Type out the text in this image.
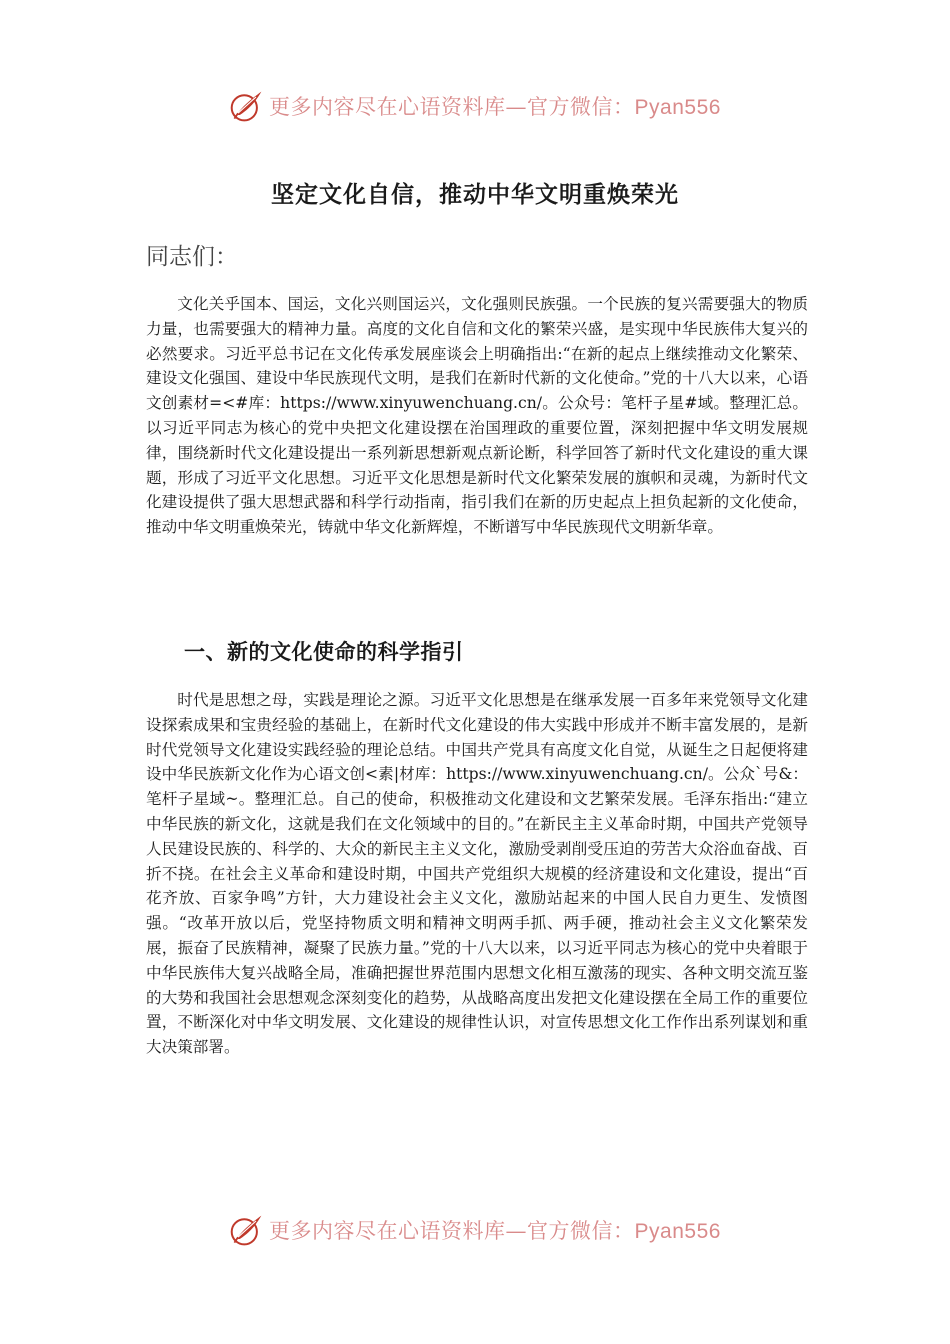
更多内容尽在心语资料库—官方微信：Pyan556
坚定文化自信，推动中华文明重焕荣光

同志们：

文化关乎国本、国运，文化兴则国运兴，文化强则民族强。一个民族的复兴需要强大的物质力量，也需要强大的精神力量。高度的文化自信和文化的繁荣兴盛，是实现中华民族伟大复兴的必然要求。习近平总书记在文化传承发展座谈会上明确指出:“在新的起点上继续推动文化繁荣、建设文化强国、建设中华民族现代文明，是我们在新时代新的文化使命。”党的十八大以来，心语文创素材=<#库：https://www.xinyuwenchuang.cn/。公众号：笔杆子星#域。整理汇总。以习近平同志为核心的党中央把文化建设摆在治国理政的重要位置，深刻把握中华文明发展规律，围绕新时代文化建设提出一系列新思想新观点新论断，科学回答了新时代文化建设的重大课题，形成了习近平文化思想。习近平文化思想是新时代文化繁荣发展的旗帜和灵魂，为新时代文化建设提供了强大思想武器和科学行动指南，指引我们在新的历史起点上担负起新的文化使命，推动中华文明重焕荣光，铸就中华文化新辉煌，不断谱写中华民族现代文明新华章。

一、新的文化使命的科学指引

时代是思想之母，实践是理论之源。习近平文化思想是在继承发展一百多年来党领导文化建设探索成果和宝贵经验的基础上，在新时代文化建设的伟大实践中形成并不断丰富发展的，是新时代党领导文化建设实践经验的理论总结。中国共产党具有高度文化自觉，从诞生之日起便将建设中华民族新文化作为心语文创<素|材库：https://www.xinyuwenchuang.cn/。公众`号&：笔杆子星域~。整理汇总。自己的使命，积极推动文化建设和文艺繁荣发展。毛泽东指出:“建立中华民族的新文化，这就是我们在文化领域中的目的。”在新民主主义革命时期，中国共产党领导人民建设民族的、科学的、大众的新民主主义文化，激励受剥削受压迫的劳苦大众浴血奋战、百折不挠。在社会主义革命和建设时期，中国共产党组织大规模的经济建设和文化建设，提出“百花齐放、百家争鸣”方针，大力建设社会主义文化，激励站起来的中国人民自力更生、发愤图强。“改革开放以后，党坚持物质文明和精神文明两手抓、两手硬，推动社会主义文化繁荣发展，振奋了民族精神，凝聚了民族力量。”党的十八大以来，以习近平同志为核心的党中央着眼于中华民族伟大复兴战略全局，准确把握世界范围内思想文化相互激荡的现实、各种文明交流互鉴的大势和我国社会思想观念深刻变化的趋势，从战略高度出发把文化建设摆在全局工作的重要位置，不断深化对中华文明发展、文化建设的规律性认识，对宣传思想文化工作作出系列谋划和重大决策部署。

更多内容尽在心语资料库—官方微信：Pyan556
